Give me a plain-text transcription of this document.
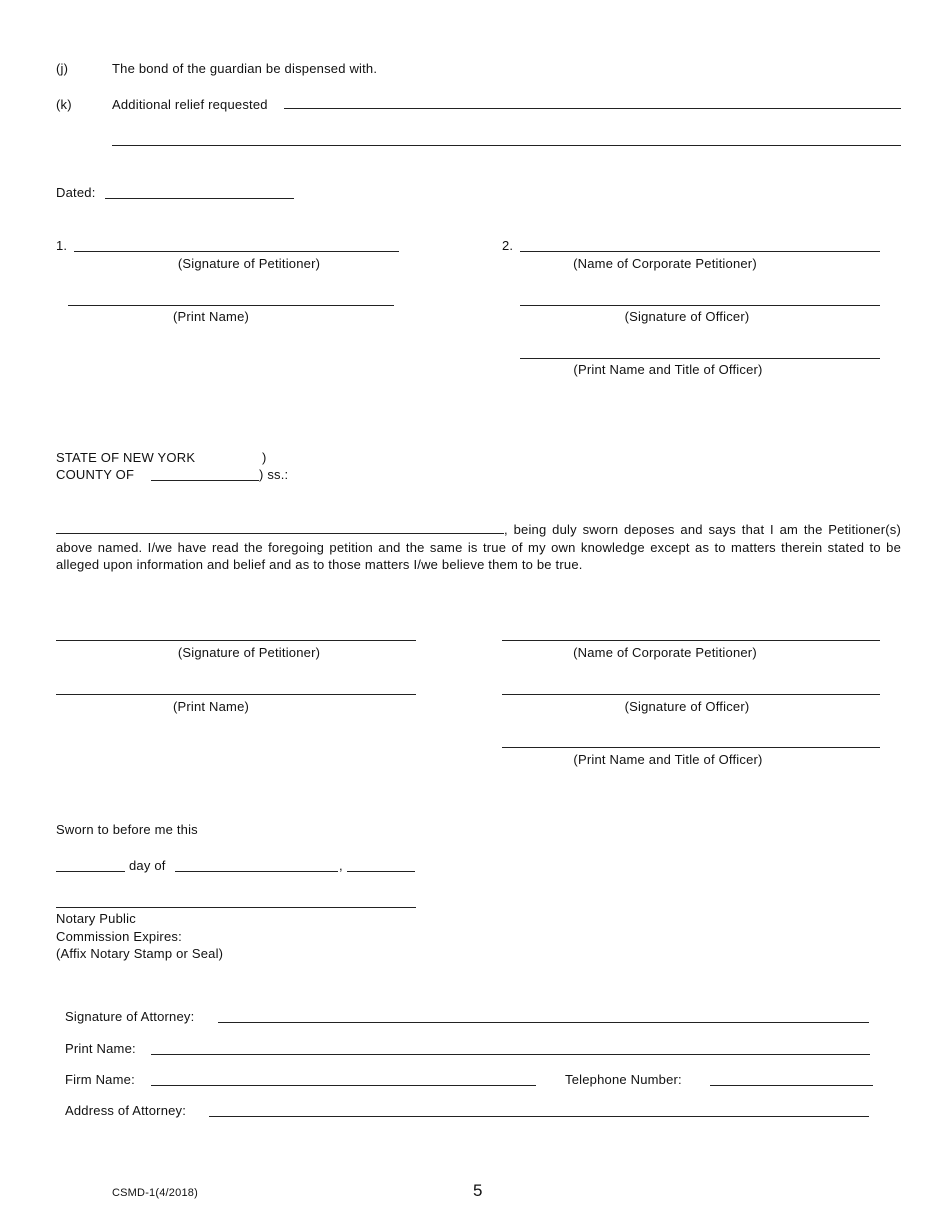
(j)	The bond of the guardian be dispensed with.
(k)	Additional relief requested
Dated:
1.
(Signature of Petitioner)
2.
(Name of Corporate Petitioner)
(Print Name)	(Signature of Officer)
(Print Name and Title of Officer)
STATE OF NEW YORK	)
COUNTY OF	) ss.:
, being duly sworn deposes and says that I am the Petitioner(s) above named. I/we have read the foregoing petition and the same is true of my own knowledge except as to matters therein stated to be alleged upon information and belief and as to those matters I/we believe them to be true.
(Signature of Petitioner)	(Name of Corporate Petitioner)
(Print Name)	(Signature of Officer)
(Print Name and Title of Officer)
Sworn to before me this
day of	,
Notary Public
Commission Expires:
(Affix Notary Stamp or Seal)
Signature of Attorney:
Print Name:
Firm Name:	Telephone Number:
Address of Attorney:
CSMD-1(4/2018)	5
